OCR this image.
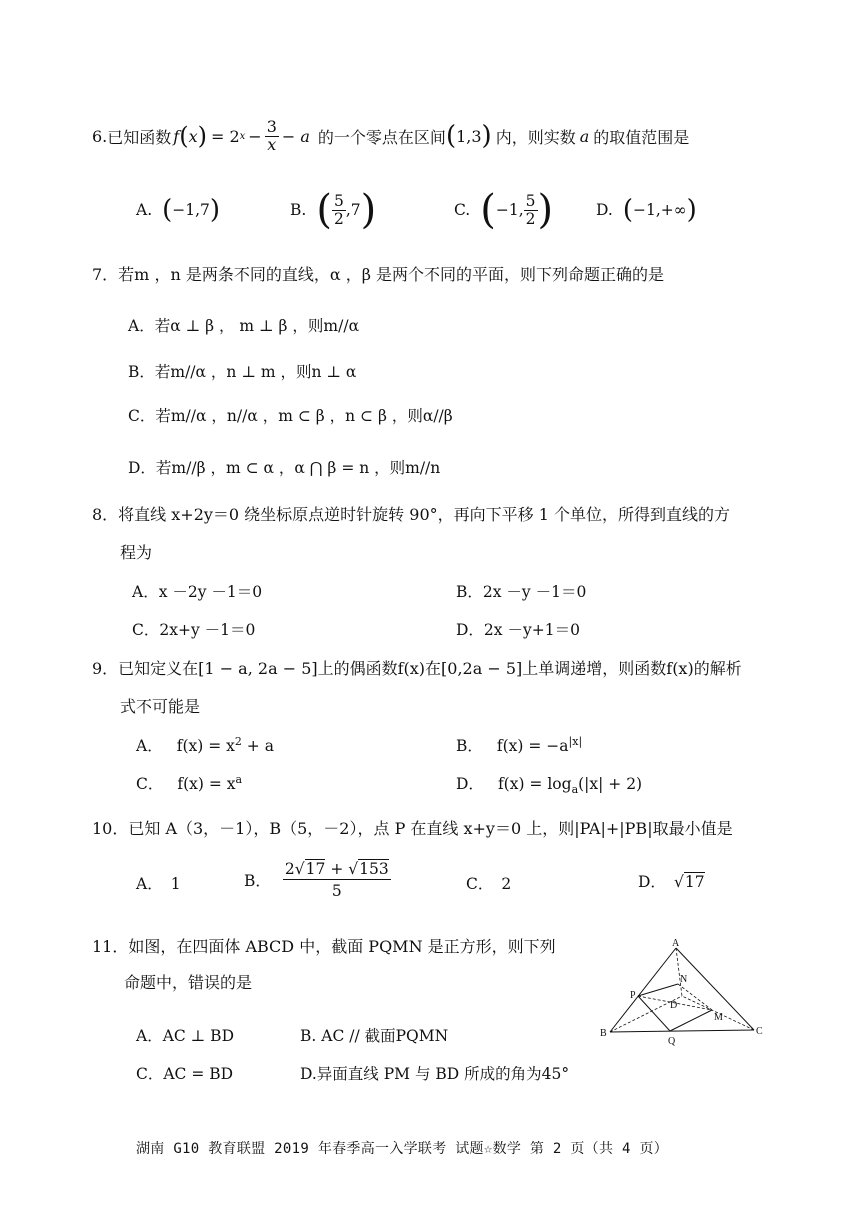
6. 已知函数 f ( x ) = 2 $x - \frac{3}{x} - a$ 的一个零点在区间 ( 1,3 ) 内，则实数 a 的取值范围是
A. ( −1,7 )	B. ( $\frac{5}{2} ,7$ )	C. ( −1, $\frac{5}{2}$ )	D. ( −1,+∞ )
7．若m ，n 是两条不同的直线，α ，β 是两个不同的平面，则下列命题正确的是
A．若α ⊥ β ， m ⊥ β ，则m//α
B．若m//α ，n ⊥ m ，则n ⊥ α
C．若m//α ，n//α ，m ⊂ β ，n ⊂ β ，则α//β
D．若m//β ，m ⊂ α ，α ⋂ β = n ，则m//n
8．将直线 x+2y＝0 绕坐标原点逆时针旋转 90°，再向下平移 1 个单位，所得到直线的方
程为
A．x －2y －1＝0	B．2x －y －1＝0
C．2x+y －1＝0	D．2x －y+1＝0
9．已知定义在[1 − a, 2a − 5]上的偶函数f(x)在[0,2a − 5]上单调递增，则函数f(x)的解析
式不可能是
A． $f(x) = x^2 + a$	B． $f(x) = -a^{|x|}$
C． $f(x) = x^a$	D． $f(x) = \log_a(|x| + 2)$
10．已知 A（3，－1），B（5，－2），点 P 在直线 x+y＝0 上，则|PA|+|PB|取最小值是
A． 1	B． $\frac{2√17 + √153}{5}$	C． 2	D． √17
11．如图，在四面体 ABCD 中，截面 PQMN 是正方形，则下列
命题中，错误的是
A．AC ⊥ BD	B. AC // 截面PQMN
C．AC = BD	D.异面直线 PM 与 BD 所成的角为45°
A
N
P
D
M
B
Q
C
湖南 G10 教育联盟 2019 年春季高一入学联考 试题☆数学 第 2 页（共 4 页）
